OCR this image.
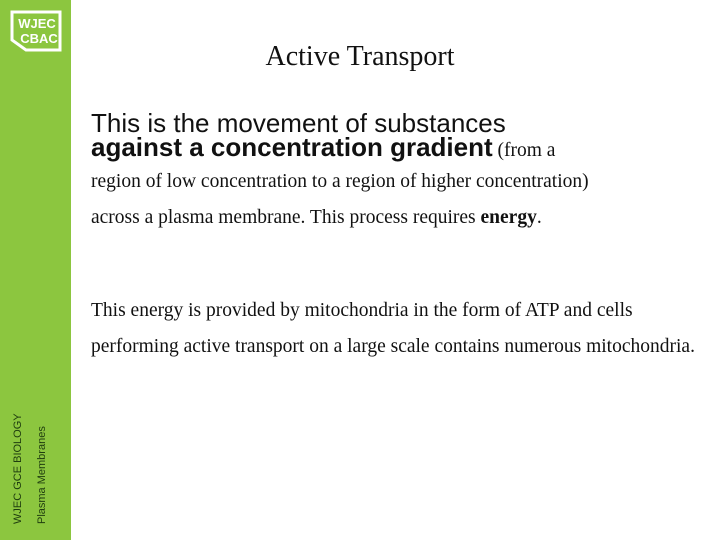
WJEC
CBAC
WJEC GCE BIOLOGY Plasma Membranes
Active Transport
This is the movement of substances
against a concentration gradient (from a
region of low concentration to a region of higher concentration)
across a plasma membrane. This process requires energy.
This energy is provided by mitochondria in the form of ATP and cells performing active transport on a large scale contains numerous mitochondria.
